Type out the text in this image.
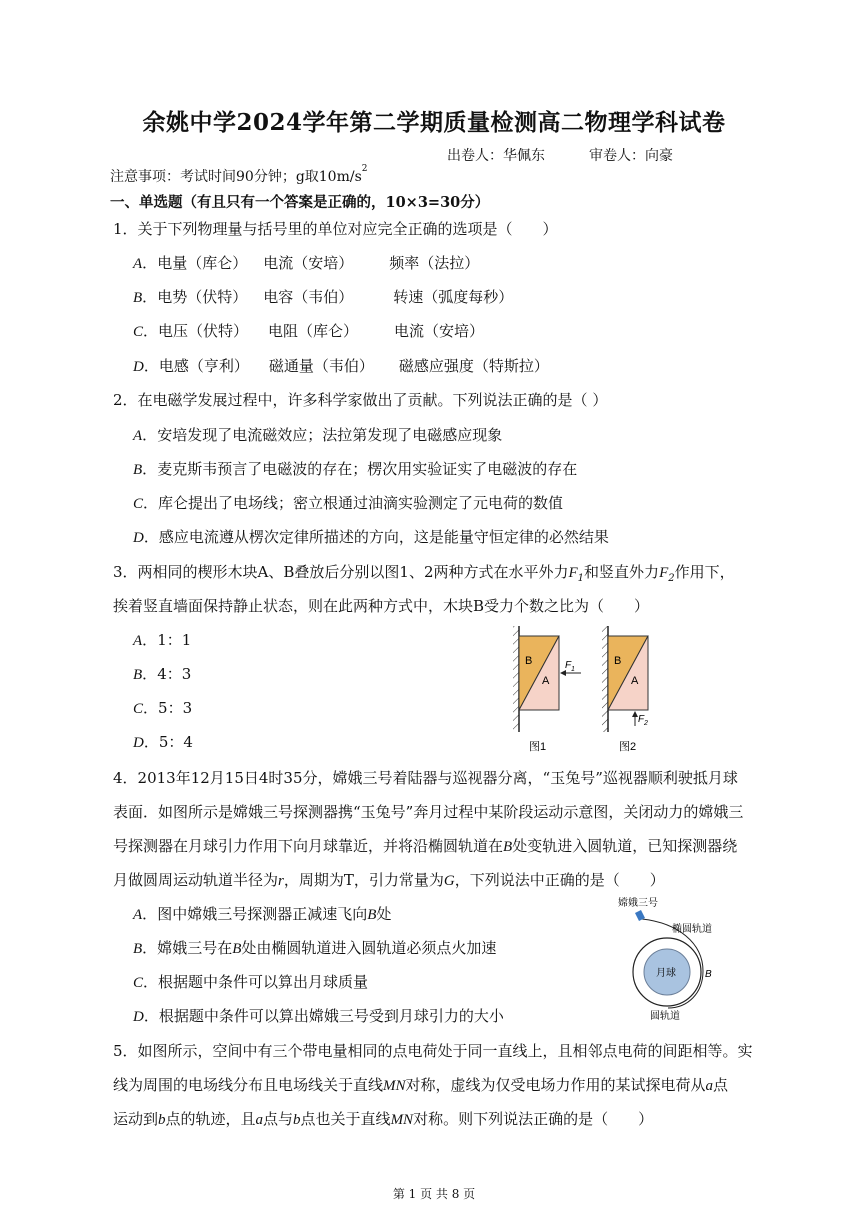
余姚中学2024学年第二学期质量检测高二物理学科试卷
出卷人：华佩东	审卷人：向豪
注意事项：考试时间90分钟；g取$10m/s^2$
一、单选题（有且只有一个答案是正确的，10×3=30分）
1．关于下列物理量与括号里的单位对应完全正确的选项是（　　）
A．电量（库仑） 电流（安培） 频率（法拉）
B．电势（伏特） 电容（韦伯）	转速（弧度每秒）
C．电压（伏特） 电阻（库仑） 电流（安培）
D．电感（亨利） 磁通量（韦伯） 磁感应强度（特斯拉）
2．在电磁学发展过程中，许多科学家做出了贡献。下列说法正确的是（ ）
A．安培发现了电流磁效应；法拉第发现了电磁感应现象
B．麦克斯韦预言了电磁波的存在；楞次用实验证实了电磁波的存在
C．库仑提出了电场线；密立根通过油滴实验测定了元电荷的数值
D．感应电流遵从楞次定律所描述的方向，这是能量守恒定律的必然结果
3．两相同的楔形木块A、B叠放后分别以图1、2两种方式在水平外力$F_1$和竖直外力$F_2$作用下，
挨着竖直墙面保持静止状态，则在此两种方式中，木块B受力个数之比为（　　）
A．1：1
B．4：3
C．5：3
D．5：4
B
A
F 1
图1
B
A
F 2
图2
4．2013年12月15日4时35分，嫦娥三号着陆器与巡视器分离，“玉兔号”巡视器顺利驶抵月球
表面．如图所示是嫦娥三号探测器携“玉兔号”奔月过程中某阶段运动示意图，关闭动力的嫦娥三
号探测器在月球引力作用下向月球靠近，并将沿椭圆轨道在B处变轨进入圆轨道，已知探测器绕
月做圆周运动轨道半径为r，周期为T，引力常量为G，下列说法中正确的是（　　）
A．图中嫦娥三号探测器正减速飞向B处
B．嫦娥三号在B处由椭圆轨道进入圆轨道必须点火加速
C．根据题中条件可以算出月球质量
D．根据题中条件可以算出嫦娥三号受到月球引力的大小
嫦娥三号
椭圆轨道
月球	B
圆轨道
5．如图所示，空间中有三个带电量相同的点电荷处于同一直线上，且相邻点电荷的间距相等。实
线为周围的电场线分布且电场线关于直线MN对称，虚线为仅受电场力作用的某试探电荷从a点
运动到b点的轨迹，且a点与b点也关于直线MN对称。则下列说法正确的是（　　）
第 1 页 共 8 页
